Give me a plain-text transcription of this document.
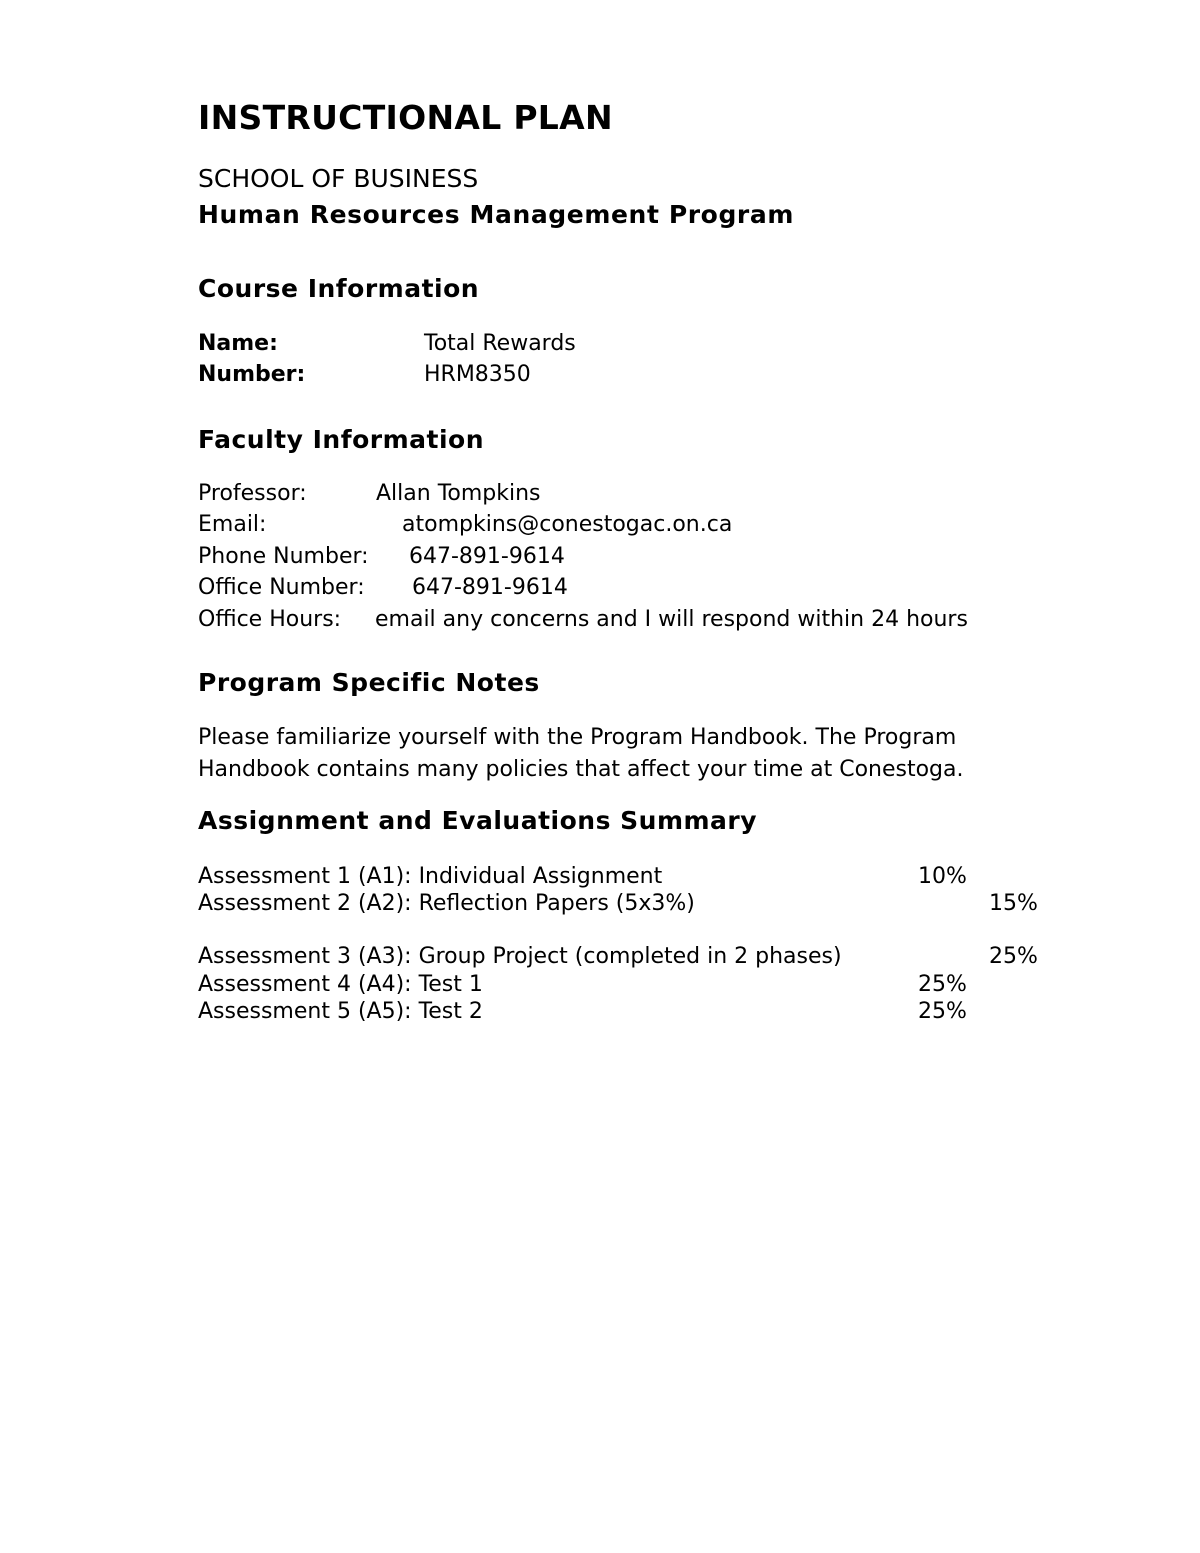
INSTRUCTIONAL PLAN
SCHOOL OF BUSINESS
Human Resources Management Program
Course Information
Name:	Total Rewards
Number:	HRM8350
Faculty Information
Professor:	Allan Tompkins
Email:	atompkins@conestogac.on.ca
Phone Number: 647-891-9614
Office Number: 647-891-9614
Office Hours: email any concerns and I will respond within 24 hours
Program Specific Notes
Please familiarize yourself with the Program Handbook. The Program
Handbook contains many policies that affect your time at Conestoga.
Assignment and Evaluations Summary
Assessment 1 (A1): Individual Assignment	10%
Assessment 2 (A2): Reflection Papers (5x3%)	15%
Assessment 3 (A3): Group Project (completed in 2 phases)	25%
Assessment 4 (A4): Test 1	25%
Assessment 5 (A5): Test 2	25%
